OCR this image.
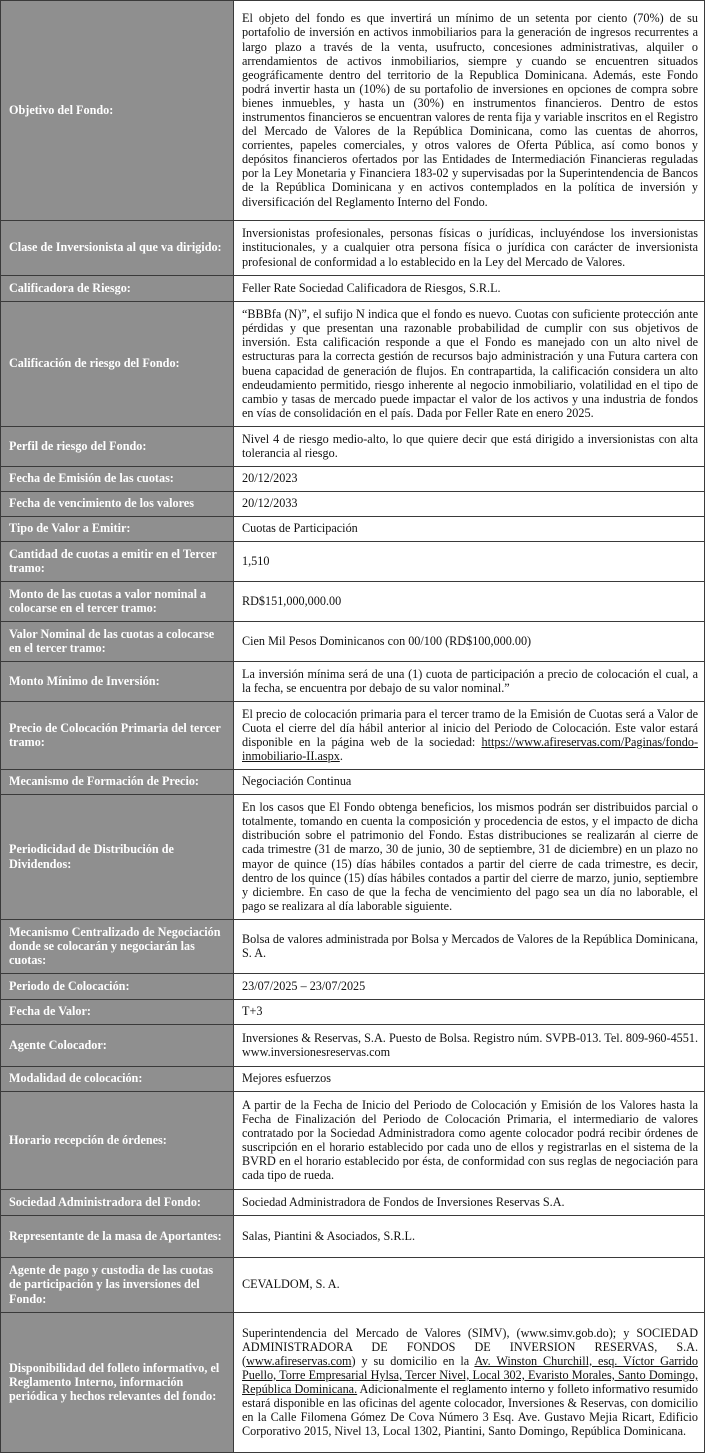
Objetivo del Fondo:	El objeto del fondo es que invertirá un mínimo de un setenta por ciento (70%) de su portafolio de inversión en activos inmobiliarios para la generación de ingresos recurrentes a largo plazo a través de la venta, usufructo, concesiones administrativas, alquiler o arrendamientos de activos inmobiliarios, siempre y cuando se encuentren situados geográficamente dentro del territorio de la Republica Dominicana. Además, este Fondo podrá invertir hasta un (10%) de su portafolio de inversiones en opciones de compra sobre bienes inmuebles, y hasta un (30%) en instrumentos financieros. Dentro de estos instrumentos financieros se encuentran valores de renta fija y variable inscritos en el Registro del Mercado de Valores de la República Dominicana, como las cuentas de ahorros, corrientes, papeles comerciales, y otros valores de Oferta Pública, así como bonos y depósitos financieros ofertados por las Entidades de Intermediación Financieras reguladas por la Ley Monetaria y Financiera 183-02 y supervisadas por la Superintendencia de Bancos de la República Dominicana y en activos contemplados en la política de inversión y diversificación del Reglamento Interno del Fondo.
Clase de Inversionista al que va dirigido:	Inversionistas profesionales, personas físicas o jurídicas, incluyéndose los inversionistas institucionales, y a cualquier otra persona física o jurídica con carácter de inversionista profesional de conformidad a lo establecido en la Ley del Mercado de Valores.
Calificadora de Riesgo:	Feller Rate Sociedad Calificadora de Riesgos, S.R.L.
Calificación de riesgo del Fondo:	“BBBfa (N)”, el sufijo N indica que el fondo es nuevo. Cuotas con suficiente protección ante pérdidas y que presentan una razonable probabilidad de cumplir con sus objetivos de inversión. Esta calificación responde a que el Fondo es manejado con un alto nivel de estructuras para la correcta gestión de recursos bajo administración y una Futura cartera con buena capacidad de generación de flujos. En contrapartida, la calificación considera un alto endeudamiento permitido, riesgo inherente al negocio inmobiliario, volatilidad en el tipo de cambio y tasas de mercado puede impactar el valor de los activos y una industria de fondos en vías de consolidación en el país. Dada por Feller Rate en enero 2025.
Perfil de riesgo del Fondo:	Nivel 4 de riesgo medio-alto, lo que quiere decir que está dirigido a inversionistas con alta tolerancia al riesgo.
Fecha de Emisión de las cuotas:	20/12/2023
Fecha de vencimiento de los valores	20/12/2033
Tipo de Valor a Emitir:	Cuotas de Participación
Cantidad de cuotas a emitir en el Tercer tramo:	1,510
Monto de las cuotas a valor nominal a colocarse en el tercer tramo:	RD$151,000,000.00
Valor Nominal de las cuotas a colocarse en el tercer tramo:	Cien Mil Pesos Dominicanos con 00/100 (RD$100,000.00)
Monto Mínimo de Inversión:	La inversión mínima será de una (1) cuota de participación a precio de colocación el cual, a la fecha, se encuentra por debajo de su valor nominal.”
Precio de Colocación Primaria del tercer tramo:	El precio de colocación primaria para el tercer tramo de la Emisión de Cuotas será a Valor de Cuota el cierre del día hábil anterior al inicio del Periodo de Colocación. Este valor estará disponible en la página web de la sociedad: https://www.afireservas.com/Paginas/fondo-inmobiliario-II.aspx.
Mecanismo de Formación de Precio:	Negociación Continua
Periodicidad de Distribución de Dividendos:	En los casos que El Fondo obtenga beneficios, los mismos podrán ser distribuidos parcial o totalmente, tomando en cuenta la composición y procedencia de estos, y el impacto de dicha distribución sobre el patrimonio del Fondo. Estas distribuciones se realizarán al cierre de cada trimestre (31 de marzo, 30 de junio, 30 de septiembre, 31 de diciembre) en un plazo no mayor de quince (15) días hábiles contados a partir del cierre de cada trimestre, es decir, dentro de los quince (15) días hábiles contados a partir del cierre de marzo, junio, septiembre y diciembre. En caso de que la fecha de vencimiento del pago sea un día no laborable, el pago se realizara al día laborable siguiente.
Mecanismo Centralizado de Negociación donde se colocarán y negociarán las cuotas:	Bolsa de valores administrada por Bolsa y Mercados de Valores de la República Dominicana, S. A.
Periodo de Colocación:	23/07/2025 – 23/07/2025
Fecha de Valor:	T+3
Agente Colocador:	Inversiones & Reservas, S.A. Puesto de Bolsa. Registro núm. SVPB-013. Tel. 809-960-4551. www.inversionesreservas.com
Modalidad de colocación:	Mejores esfuerzos
Horario recepción de órdenes:	A partir de la Fecha de Inicio del Periodo de Colocación y Emisión de los Valores hasta la Fecha de Finalización del Periodo de Colocación Primaria, el intermediario de valores contratado por la Sociedad Administradora como agente colocador podrá recibir órdenes de suscripción en el horario establecido por cada uno de ellos y registrarlas en el sistema de la BVRD en el horario establecido por ésta, de conformidad con sus reglas de negociación para cada tipo de rueda.
Sociedad Administradora del Fondo:	Sociedad Administradora de Fondos de Inversiones Reservas S.A.
Representante de la masa de Aportantes:	Salas, Piantini & Asociados, S.R.L.
Agente de pago y custodia de las cuotas de participación y las inversiones del Fondo:	CEVALDOM, S. A.
Disponibilidad del folleto informativo, el Reglamento Interno, información periódica y hechos relevantes del fondo:	Superintendencia del Mercado de Valores (SIMV), (www.simv.gob.do); y SOCIEDAD ADMINISTRADORA DE FONDOS DE INVERSION RESERVAS, S.A. (www.afireservas.com) y su domicilio en la Av. Winston Churchill, esq. Víctor Garrido Puello, Torre Empresarial Hylsa, Tercer Nivel, Local 302, Evaristo Morales, Santo Domingo, República Dominicana. Adicionalmente el reglamento interno y folleto informativo resumido estará disponible en las oficinas del agente colocador, Inversiones & Reservas, con domicilio en la Calle Filomena Gómez De Cova Número 3 Esq. Ave. Gustavo Mejia Ricart, Edificio Corporativo 2015, Nivel 13, Local 1302, Piantini, Santo Domingo, República Dominicana.
